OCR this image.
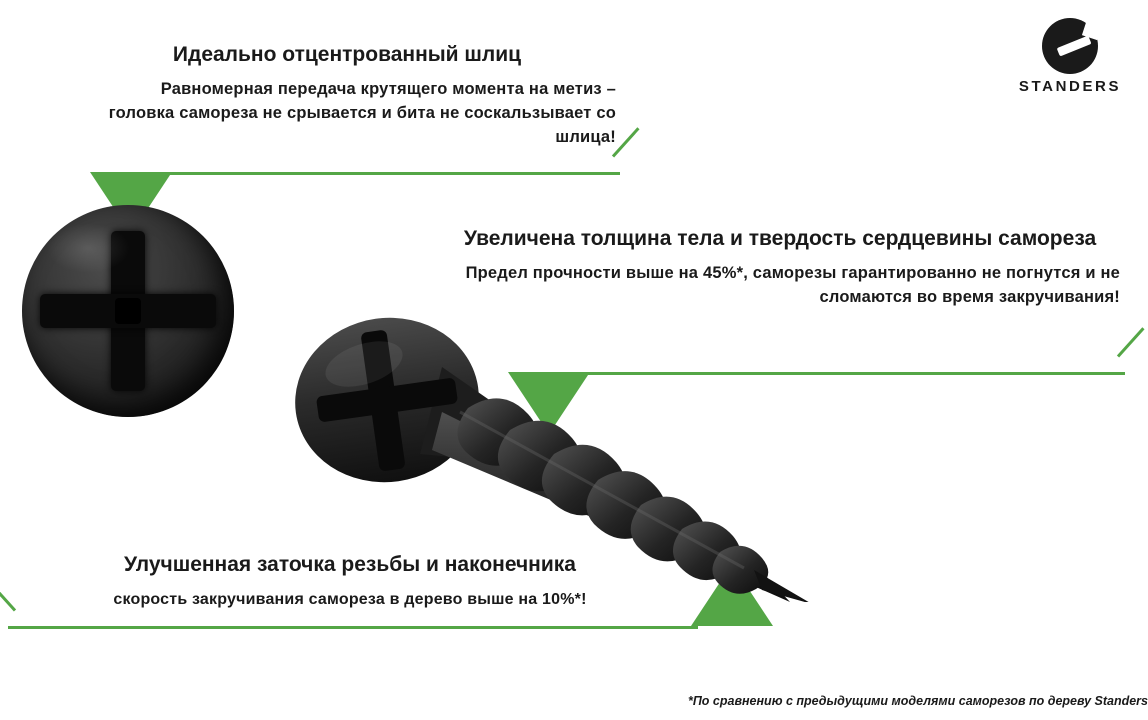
STANDERS
Идеально отцентрованный шлиц
Равномерная передача крутящего момента на метиз – головка самореза не срывается и бита не соскальзывает со шлица!
Увеличена толщина тела и твердость сердцевины самореза
Предел прочности выше на 45%*, саморезы гарантированно не погнутся и не сломаются во время закручивания!
Улучшенная заточка резьбы и наконечника
скорость закручивания самореза в дерево выше на 10%*!
*По сравнению с предыдущими моделями саморезов по дереву Standers
